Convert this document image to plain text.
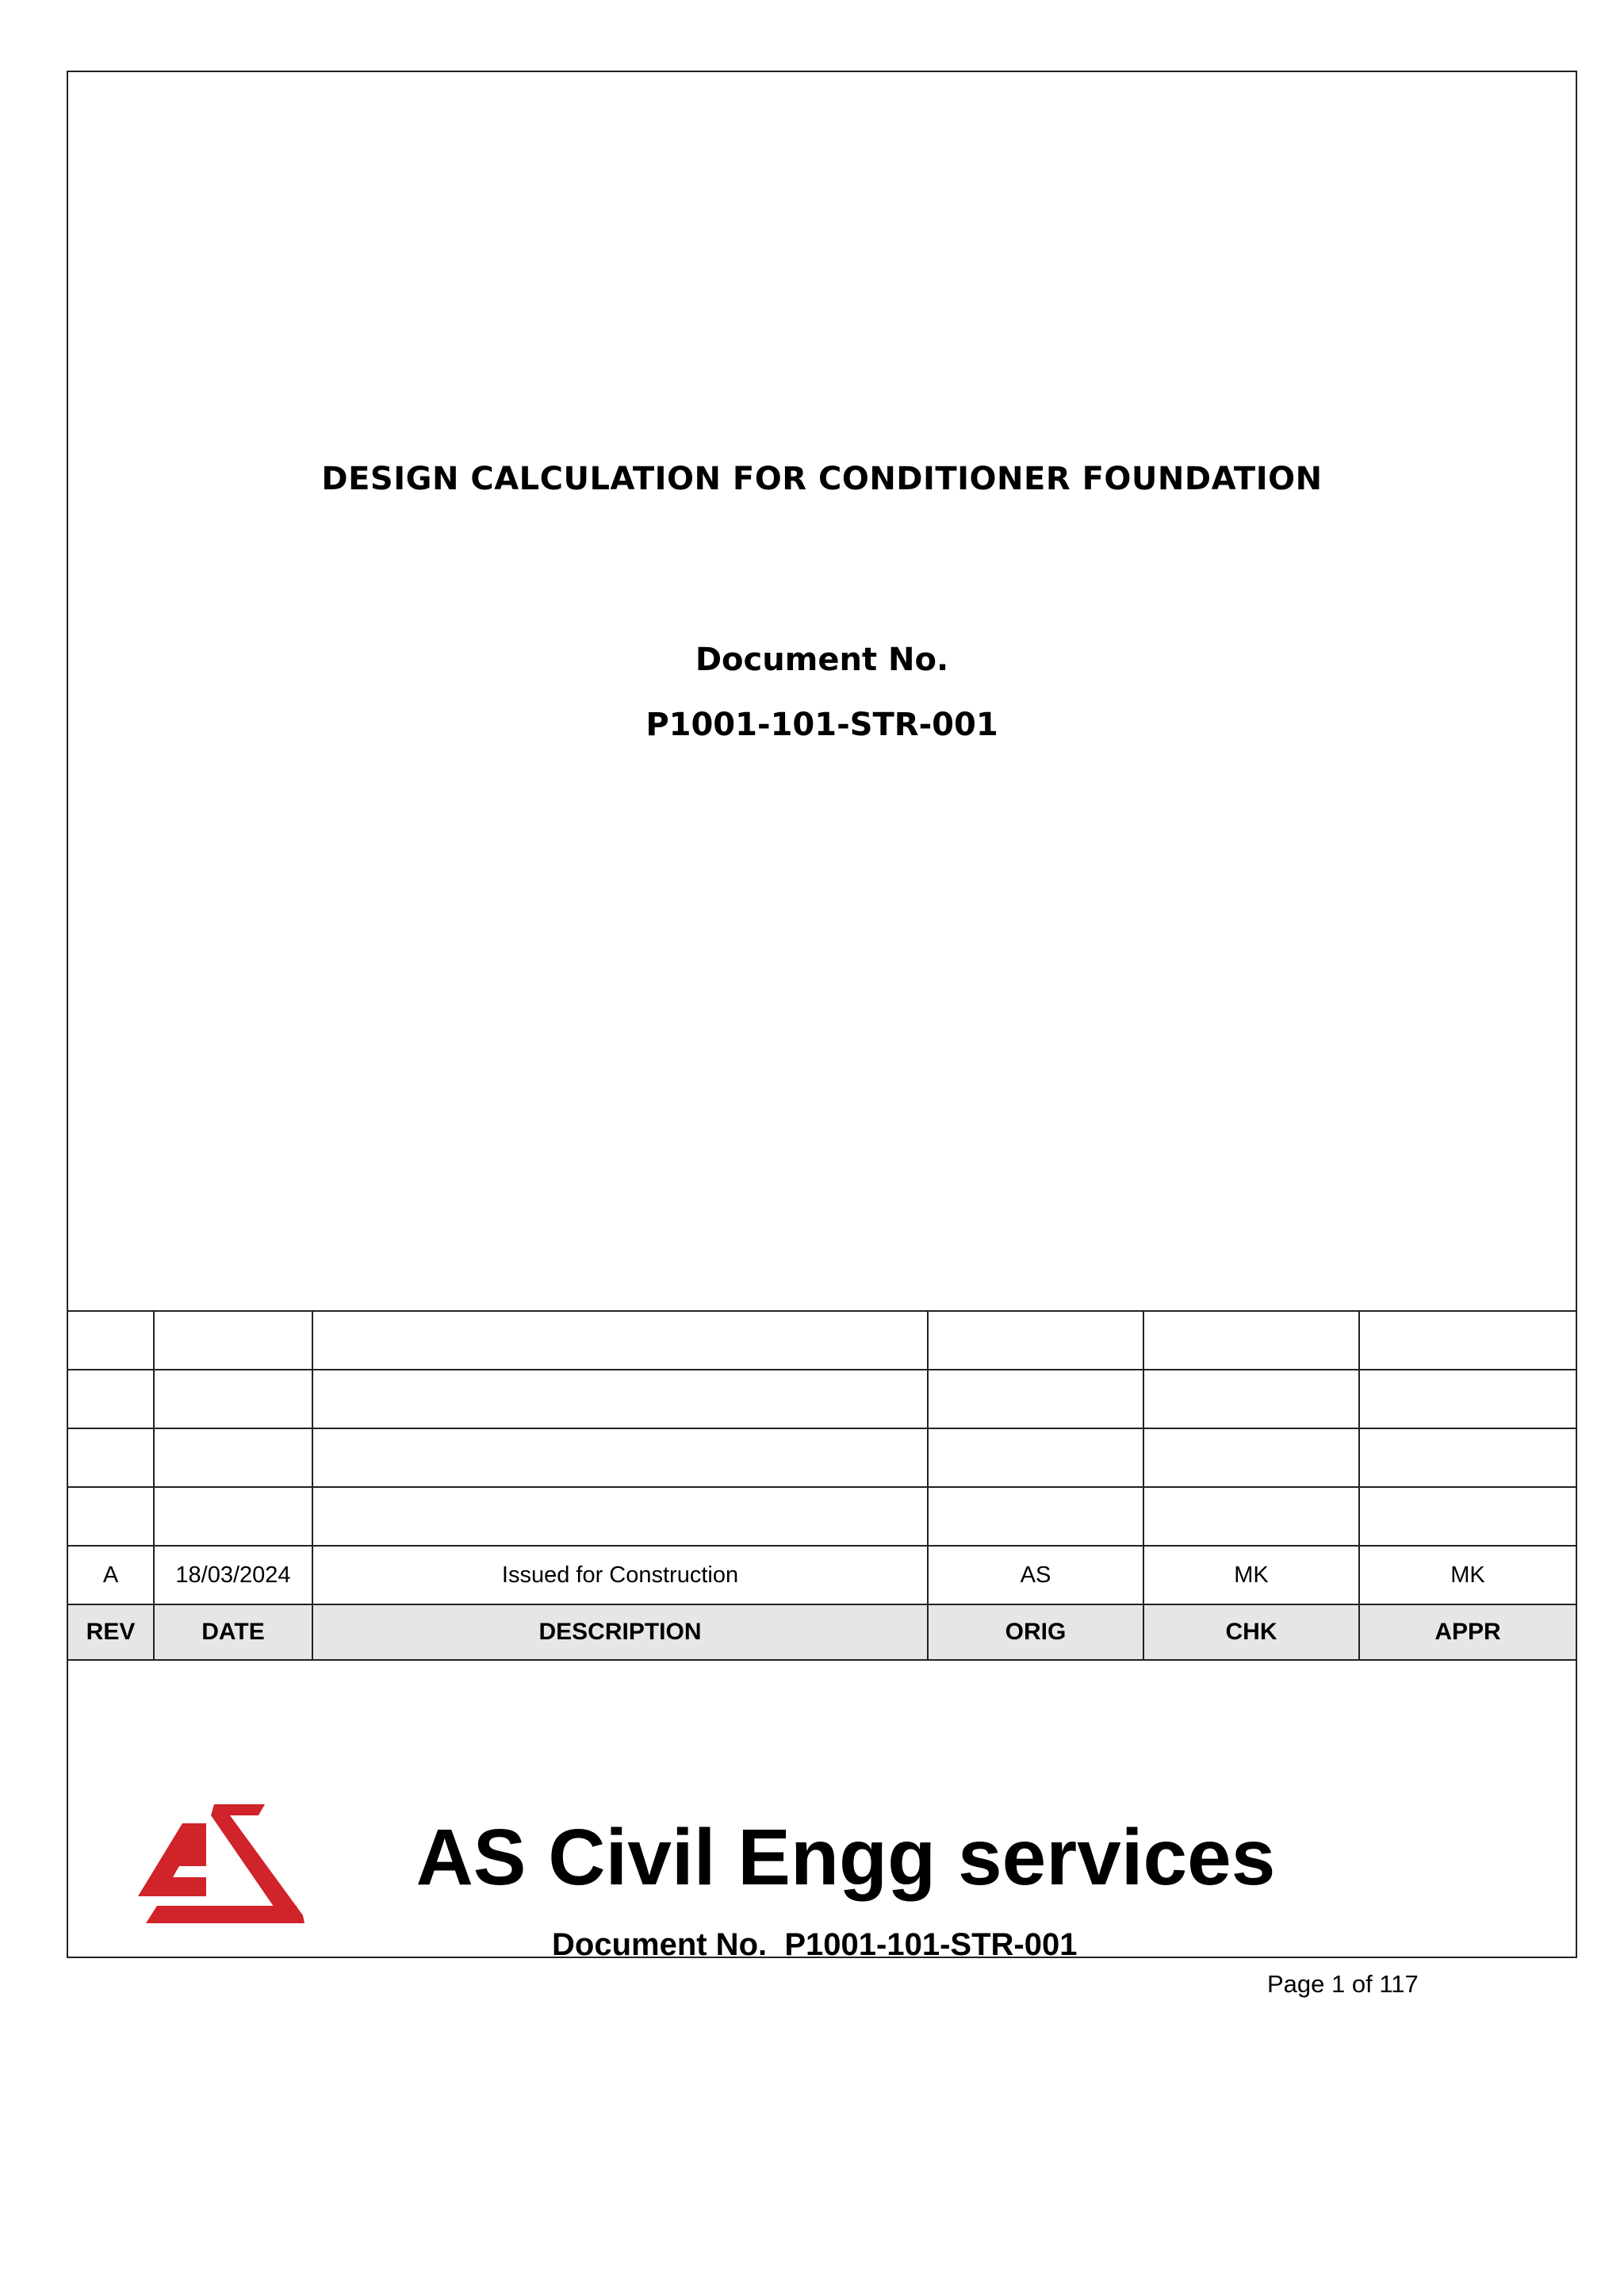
DESIGN CALCULATION FOR CONDITIONER FOUNDATION
Document No.
P1001-101-STR-001

A	18/03/2024	Issued for Construction	AS	MK	MK
REV	DATE	DESCRIPTION	ORIG	CHK	APPR
AS Civil Engg services
Document No.  P1001-101-STR-001
Page 1 of 117
